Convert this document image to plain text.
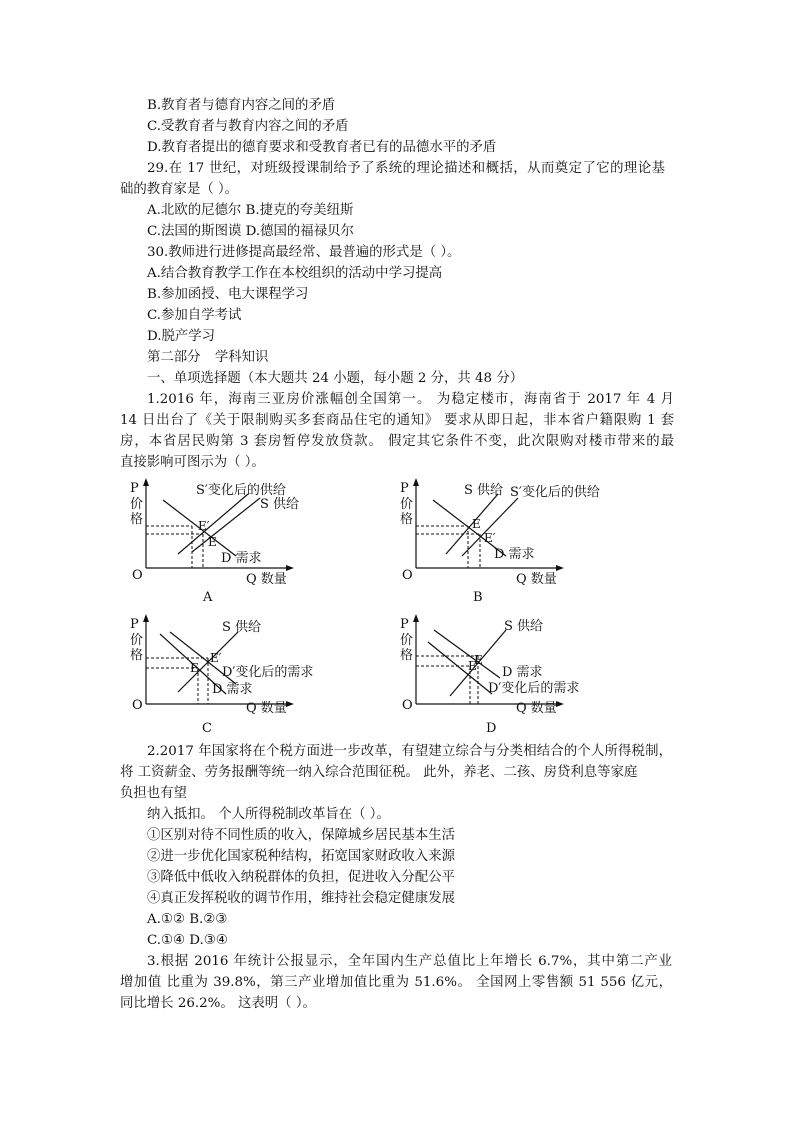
B.教育者与德育内容之间的矛盾
C.受教育者与教育内容之间的矛盾
D.教育者提出的德育要求和受教育者已有的品德水平的矛盾
29.在 17 世纪，对班级授课制给予了系统的理论描述和概括，从而奠定了它的理论基
础的教育家是（ ）。
A.北欧的尼德尔 B.捷克的夸美纽斯
C.法国的斯图谟 D.德国的福禄贝尔
30.教师进行进修提高最经常、最普遍的形式是（ ）。
A.结合教育教学工作在本校组织的活动中学习提高
B.参加函授、电大课程学习
C.参加自学考试
D.脱产学习
第二部分 学科知识
一、单项选择题（本大题共 24 小题，每小题 2 分，共 48 分）
1.2016 年，海南三亚房价涨幅创全国第一。 为稳定楼市，海南省于 2017 年 4 月
14 日出台了《关于限制购买多套商品住宅的通知》 要求从即日起，非本省户籍限购 1 套
房，本省居民购第 3 套房暂停发放贷款。 假定其它条件不变，此次限购对楼市带来的最
直接影响可图示为（ ）。
P
价
格
O	Q 数量
S′变化后的供给
S 供给
E′
E
D 需求
A
P
价
格
O	Q 数量
S 供给 S′变化后的供给
E
E′
D 需求
B
P
价
格
O	Q 数量
S 供给
E′
E D′变化后的需求
D 需求
C
P
价
格
O	Q 数量
S 供给
E
E′
D 需求
D′变化后的需求
D
2.2017 年国家将在个税方面进一步改革，有望建立综合与分类相结合的个人所得税制，
将 工资薪金、劳务报酬等统一纳入综合范围征税。 此外，养老、二孩、房贷利息等家庭
负担也有望
纳入抵扣。 个人所得税制改革旨在（ ）。
①区别对待不同性质的收入，保障城乡居民基本生活
②进一步优化国家税种结构，拓宽国家财政收入来源
③降低中低收入纳税群体的负担，促进收入分配公平
④真正发挥税收的调节作用，维持社会稳定健康发展
A.①② B.②③
C.①④ D.③④
3.根据 2016 年统计公报显示，全年国内生产总值比上年增长 6.7%，其中第二产业
增加值 比重为 39.8%，第三产业增加值比重为 51.6%。 全国网上零售额 51 556 亿元，
同比增长 26.2%。 这表明（ ）。
